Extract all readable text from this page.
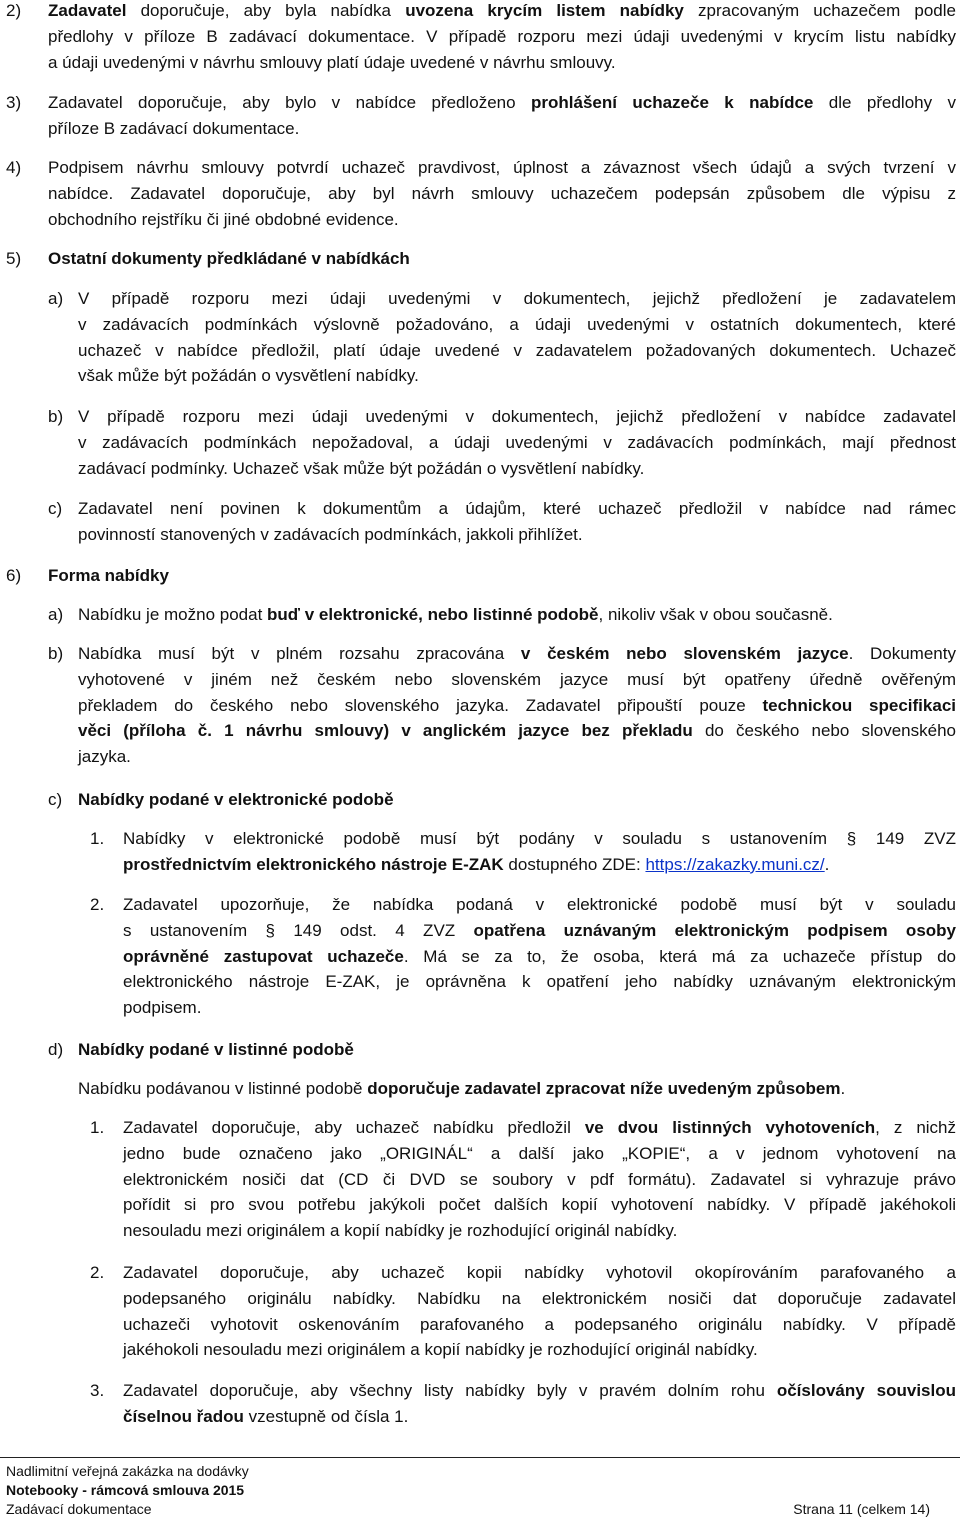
2) Zadavatel doporučuje, aby byla nabídka uvozena krycím listem nabídky zpracovaným uchazečem podle
předlohy v příloze B zadávací dokumentace. V případě rozporu mezi údaji uvedenými v krycím listu nabídky
a údaji uvedenými v návrhu smlouvy platí údaje uvedené v návrhu smlouvy.
3) Zadavatel doporučuje, aby bylo v nabídce předloženo prohlášení uchazeče k nabídce dle předlohy v
příloze B zadávací dokumentace.
4) Podpisem návrhu smlouvy potvrdí uchazeč pravdivost, úplnost a závaznost všech údajů a svých tvrzení v
nabídce. Zadavatel doporučuje, aby byl návrh smlouvy uchazečem podepsán způsobem dle výpisu z
obchodního rejstříku či jiné obdobné evidence.
5) Ostatní dokumenty předkládané v nabídkách
a) V případě rozporu mezi údaji uvedenými v dokumentech, jejichž předložení je zadavatelem
v zadávacích podmínkách výslovně požadováno, a údaji uvedenými v ostatních dokumentech, které
uchazeč v nabídce předložil, platí údaje uvedené v zadavatelem požadovaných dokumentech. Uchazeč
však může být požádán o vysvětlení nabídky.
b) V případě rozporu mezi údaji uvedenými v dokumentech, jejichž předložení v nabídce zadavatel
v zadávacích podmínkách nepožadoval, a údaji uvedenými v zadávacích podmínkách, mají přednost
zadávací podmínky. Uchazeč však může být požádán o vysvětlení nabídky.
c) Zadavatel není povinen k dokumentům a údajům, které uchazeč předložil v nabídce nad rámec
povinností stanovených v zadávacích podmínkách, jakkoli přihlížet.
6) Forma nabídky
a) Nabídku je možno podat buď v elektronické, nebo listinné podobě, nikoliv však v obou současně.
b) Nabídka musí být v plném rozsahu zpracována v českém nebo slovenském jazyce. Dokumenty
vyhotovené v jiném než českém nebo slovenském jazyce musí být opatřeny úředně ověřeným
překladem do českého nebo slovenského jazyka. Zadavatel připouští pouze technickou specifikaci
věci (příloha č. 1 návrhu smlouvy) v anglickém jazyce bez překladu do českého nebo slovenského
jazyka.
c) Nabídky podané v elektronické podobě
1. Nabídky v elektronické podobě musí být podány v souladu s ustanovením § 149 ZVZ
prostřednictvím elektronického nástroje E-ZAK dostupného ZDE: https://zakazky.muni.cz/.
2. Zadavatel upozorňuje, že nabídka podaná v elektronické podobě musí být v souladu
s ustanovením § 149 odst. 4 ZVZ opatřena uznávaným elektronickým podpisem osoby
oprávněné zastupovat uchazeče. Má se za to, že osoba, která má za uchazeče přístup do
elektronického nástroje E-ZAK, je oprávněna k opatření jeho nabídky uznávaným elektronickým
podpisem.
d) Nabídky podané v listinné podobě
Nabídku podávanou v listinné podobě doporučuje zadavatel zpracovat níže uvedeným způsobem.
1. Zadavatel doporučuje, aby uchazeč nabídku předložil ve dvou listinných vyhotoveních, z nichž
jedno bude označeno jako „ORIGINÁL“ a další jako „KOPIE“, a v jednom vyhotovení na
elektronickém nosiči dat (CD či DVD se soubory v pdf formátu). Zadavatel si vyhrazuje právo
pořídit si pro svou potřebu jakýkoli počet dalších kopií vyhotovení nabídky. V případě jakéhokoli
nesouladu mezi originálem a kopií nabídky je rozhodující originál nabídky.
2. Zadavatel doporučuje, aby uchazeč kopii nabídky vyhotovil okopírováním parafovaného a
podepsaného originálu nabídky. Nabídku na elektronickém nosiči dat doporučuje zadavatel
uchazeči vyhotovit oskenováním parafovaného a podepsaného originálu nabídky. V případě
jakéhokoli nesouladu mezi originálem a kopií nabídky je rozhodující originál nabídky.
3. Zadavatel doporučuje, aby všechny listy nabídky byly v pravém dolním rohu očíslovány souvislou
číselnou řadou vzestupně od čísla 1.
Nadlimitní veřejná zakázka na dodávky
Notebooky - rámcová smlouva 2015
Zadávací dokumentace	Strana 11 (celkem 14)
